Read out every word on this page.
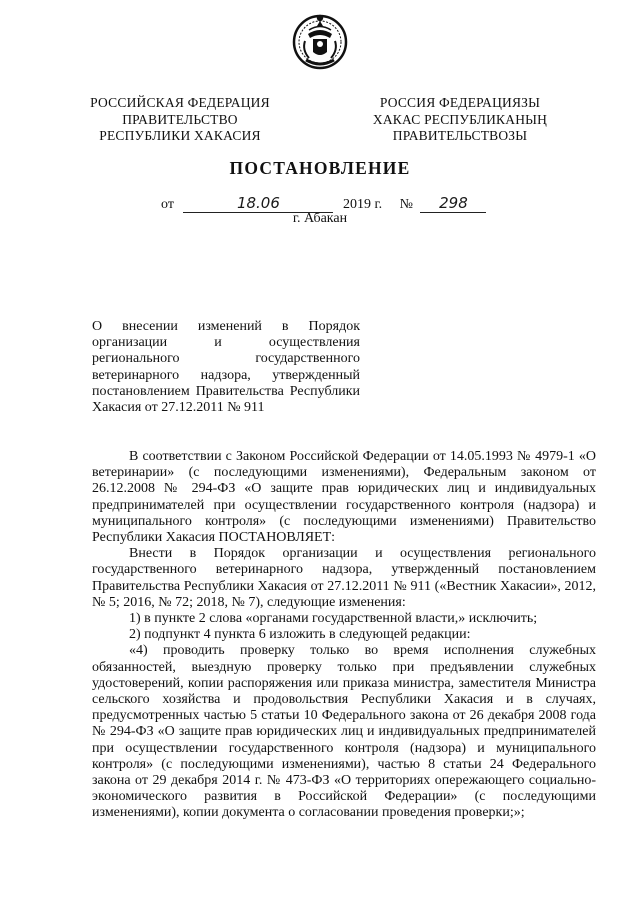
РОССИЙСКАЯ ФЕДЕРАЦИЯ
ПРАВИТЕЛЬСТВО
РЕСПУБЛИКИ ХАКАСИЯ
РОССИЯ ФЕДЕРАЦИЯЗЫ
ХАКАС РЕСПУБЛИКАНЫҢ
ПРАВИТЕЛЬСТВОЗЫ
ПОСТАНОВЛЕНИЕ
от	18.06	2019 г. № 298
г. Абакан
О внесении изменений в Порядок организации и осуществления регионального государственного ветеринарного надзора, утвержденный постановлением Правительства Республики Хакасия от 27.12.2011 № 911

В соответствии с Законом Российской Федерации от 14.05.1993 № 4979-1 «О ветеринарии» (с последующими изменениями), Федеральным законом от 26.12.2008 № 294-ФЗ «О защите прав юридических лиц и индивидуальных предпринимателей при осуществлении государственного контроля (надзора) и муниципального контроля» (с последующими изменениями) Правительство Республики Хакасия ПОСТАНОВЛЯЕТ:

Внести в Порядок организации и осуществления регионального государственного ветеринарного надзора, утвержденный постановлением Правительства Республики Хакасия от 27.12.2011 № 911 («Вестник Хакасии», 2012, № 5; 2016, № 72; 2018, № 7), следующие изменения:

1) в пункте 2 слова «органами государственной власти,» исключить;

2) подпункт 4 пункта 6 изложить в следующей редакции:

«4) проводить проверку только во время исполнения служебных обязанностей, выездную проверку только при предъявлении служебных удостоверений, копии распоряжения или приказа министра, заместителя Министра сельского хозяйства и продовольствия Республики Хакасия и в случаях, предусмотренных частью 5 статьи 10 Федерального закона от 26 декабря 2008 года № 294-ФЗ «О защите прав юридических лиц и индивидуальных предпринимателей при осуществлении государственного контроля (надзора) и муниципального контроля» (с последующими изменениями), частью 8 статьи 24 Федерального закона от 29 декабря 2014 г. № 473-ФЗ «О территориях опережающего социально-экономического развития в Российской Федерации» (с последующими изменениями), копии документа о согласовании проведения проверки;»;
